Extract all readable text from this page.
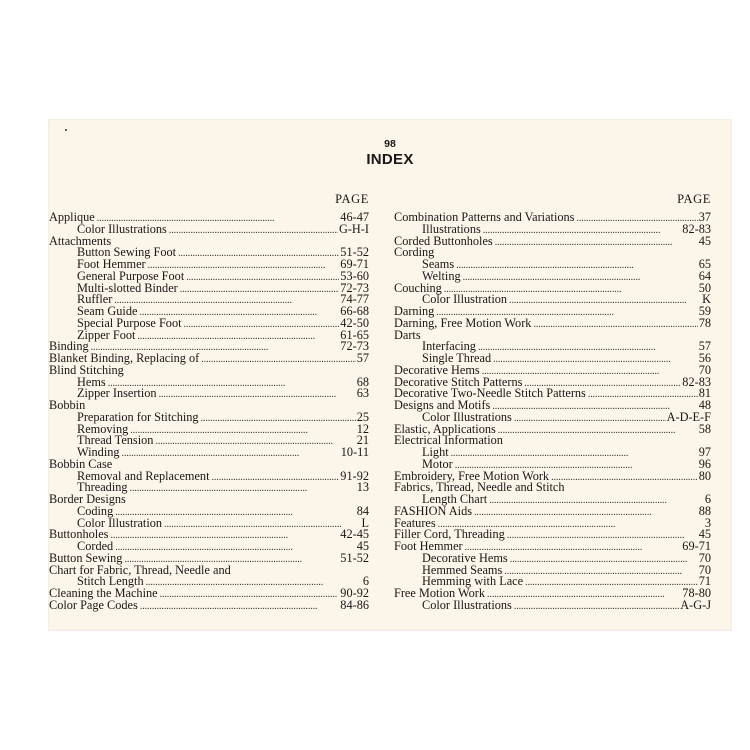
98
INDEX
PAGE
Applique . . .	46-47
Color Illustrations . . .	G-H-I
Attachments
Button Sewing Foot . . .	51-52
Foot Hemmer . . .	69-71
General Purpose Foot . . .	53-60
Multi-slotted Binder . . .	72-73
Ruffler . . .	74-77
Seam Guide . . .	66-68
Special Purpose Foot . . .	42-50
Zipper Foot . . .	61-65
Binding . . .	72-73
Blanket Binding, Replacing of . . .	57
Blind Stitching
Hems . . .	68
Zipper Insertion . . .	63
Bobbin
Preparation for Stitching . . .	25
Removing . . .	12
Thread Tension . . .	21
Winding . . .	10-11
Bobbin Case
Removal and Replacement . . .	91-92
Threading . . .	13
Border Designs
Coding . . .	84
Color Illustration . . .	L
Buttonholes . . .	42-45
Corded . . .	45
Button Sewing . . .	51-52
Chart for Fabric, Thread, Needle and
Stitch Length . . .	6
Cleaning the Machine . . .	90-92
Color Page Codes . . .	84-86
PAGE
Combination Patterns and Variations . . .	37
Illustrations . . .	82-83
Corded Buttonholes . . .	45
Cording
Seams . . .	65
Welting . . .	64
Couching . . .	50
Color Illustration . . .	K
Darning . . .	59
Darning, Free Motion Work . . .	78
Darts
Interfacing . . .	57
Single Thread . . .	56
Decorative Hems . . .	70
Decorative Stitch Patterns . . .	82-83
Decorative Two-Needle Stitch Patterns . . .	81
Designs and Motifs . . .	48
Color Illustrations . . .	A-D-E-F
Elastic, Applications . . .	58
Electrical Information
Light . . .	97
Motor . . .	96
Embroidery, Free Motion Work . . .	80
Fabrics, Thread, Needle and Stitch
Length Chart . . .	6
FASHION Aids . . .	88
Features . . .	3
Filler Cord, Threading . . .	45
Foot Hemmer . . .	69-71
Decorative Hems . . .	70
Hemmed Seams . . .	70
Hemming with Lace . . .	71
Free Motion Work . . .	78-80
Color Illustrations . . .	A-G-J
